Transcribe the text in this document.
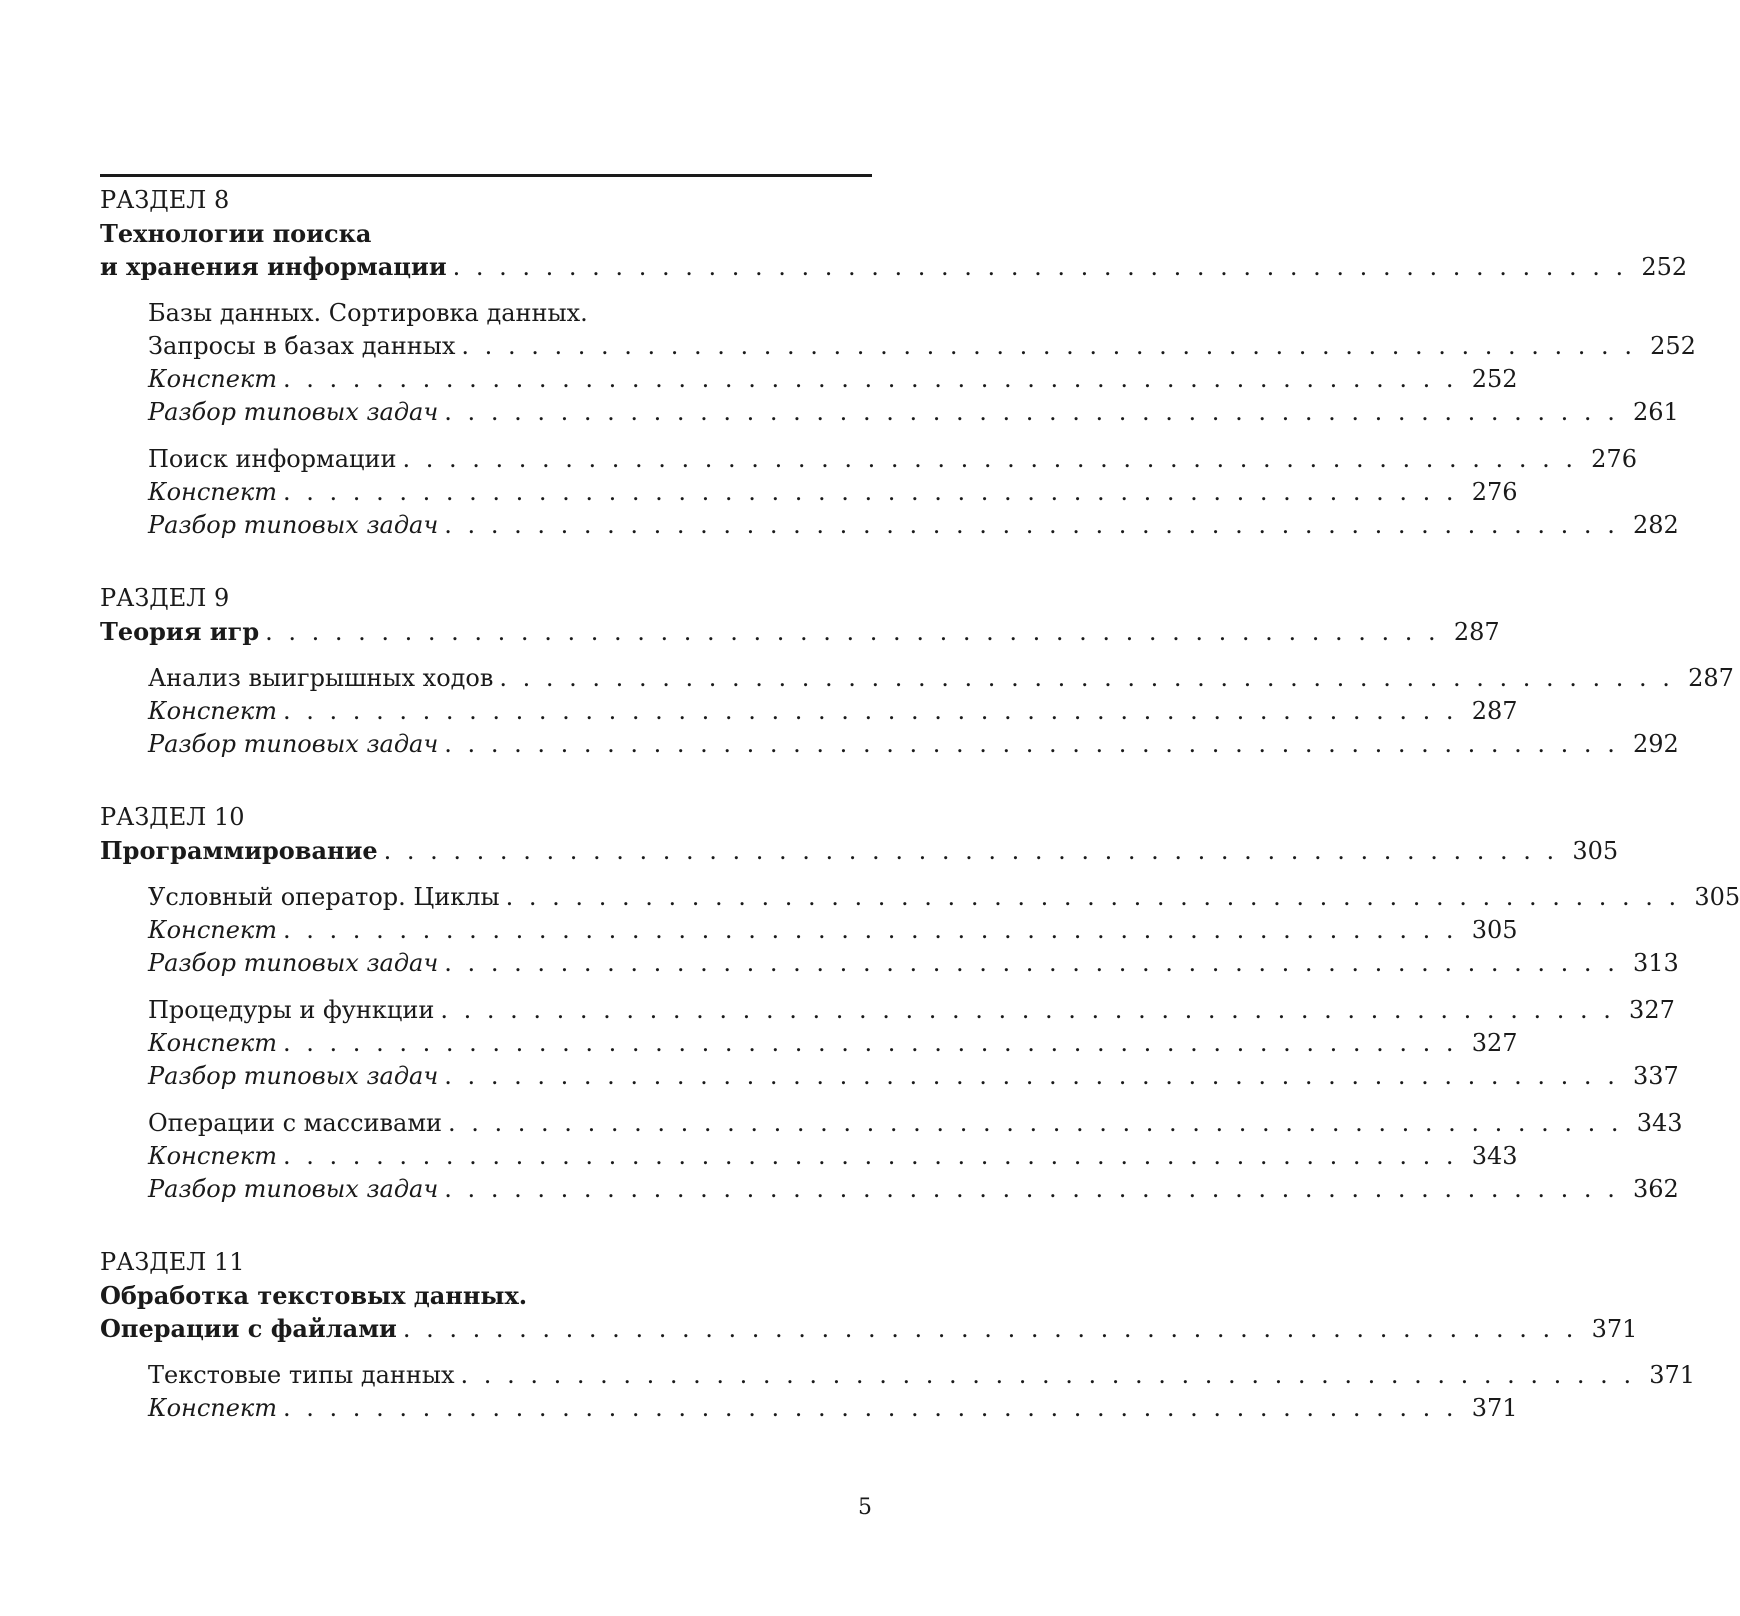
РАЗДЕЛ 8
Технологии поиска
и хранения информации . . . . . . . . . . . . . . . . . . . . . . . . . . . . . . . . . . . . . . . . . . . . . . . . . . . 252
Базы данных. Сортировка данных.
Запросы в базах данных . . . . . . . . . . . . . . . . . . . . . . . . . . . . . . . . . . . . . . . . . . . . . . . . . . . 252
Конспект . . . . . . . . . . . . . . . . . . . . . . . . . . . . . . . . . . . . . . . . . . . . . . . . . . . 252
Разбор типовых задач . . . . . . . . . . . . . . . . . . . . . . . . . . . . . . . . . . . . . . . . . . . . . . . . . . . 261
Поиск информации . . . . . . . . . . . . . . . . . . . . . . . . . . . . . . . . . . . . . . . . . . . . . . . . . . . 276
Конспект . . . . . . . . . . . . . . . . . . . . . . . . . . . . . . . . . . . . . . . . . . . . . . . . . . . 276
Разбор типовых задач . . . . . . . . . . . . . . . . . . . . . . . . . . . . . . . . . . . . . . . . . . . . . . . . . . . 282
РАЗДЕЛ 9
Теория игр . . . . . . . . . . . . . . . . . . . . . . . . . . . . . . . . . . . . . . . . . . . . . . . . . . . 287
Анализ выигрышных ходов . . . . . . . . . . . . . . . . . . . . . . . . . . . . . . . . . . . . . . . . . . . . . . . . . . . 287
Конспект . . . . . . . . . . . . . . . . . . . . . . . . . . . . . . . . . . . . . . . . . . . . . . . . . . . 287
Разбор типовых задач . . . . . . . . . . . . . . . . . . . . . . . . . . . . . . . . . . . . . . . . . . . . . . . . . . . 292
РАЗДЕЛ 10
Программирование . . . . . . . . . . . . . . . . . . . . . . . . . . . . . . . . . . . . . . . . . . . . . . . . . . . 305
Условный оператор. Циклы . . . . . . . . . . . . . . . . . . . . . . . . . . . . . . . . . . . . . . . . . . . . . . . . . . . 305
Конспект . . . . . . . . . . . . . . . . . . . . . . . . . . . . . . . . . . . . . . . . . . . . . . . . . . . 305
Разбор типовых задач . . . . . . . . . . . . . . . . . . . . . . . . . . . . . . . . . . . . . . . . . . . . . . . . . . . 313
Процедуры и функции . . . . . . . . . . . . . . . . . . . . . . . . . . . . . . . . . . . . . . . . . . . . . . . . . . . 327
Конспект . . . . . . . . . . . . . . . . . . . . . . . . . . . . . . . . . . . . . . . . . . . . . . . . . . . 327
Разбор типовых задач . . . . . . . . . . . . . . . . . . . . . . . . . . . . . . . . . . . . . . . . . . . . . . . . . . . 337
Операции с массивами . . . . . . . . . . . . . . . . . . . . . . . . . . . . . . . . . . . . . . . . . . . . . . . . . . . 343
Конспект . . . . . . . . . . . . . . . . . . . . . . . . . . . . . . . . . . . . . . . . . . . . . . . . . . . 343
Разбор типовых задач . . . . . . . . . . . . . . . . . . . . . . . . . . . . . . . . . . . . . . . . . . . . . . . . . . . 362
РАЗДЕЛ 11
Обработка текстовых данных.
Операции с файлами . . . . . . . . . . . . . . . . . . . . . . . . . . . . . . . . . . . . . . . . . . . . . . . . . . . 371
Текстовые типы данных . . . . . . . . . . . . . . . . . . . . . . . . . . . . . . . . . . . . . . . . . . . . . . . . . . . 371
Конспект . . . . . . . . . . . . . . . . . . . . . . . . . . . . . . . . . . . . . . . . . . . . . . . . . . . 371
5
